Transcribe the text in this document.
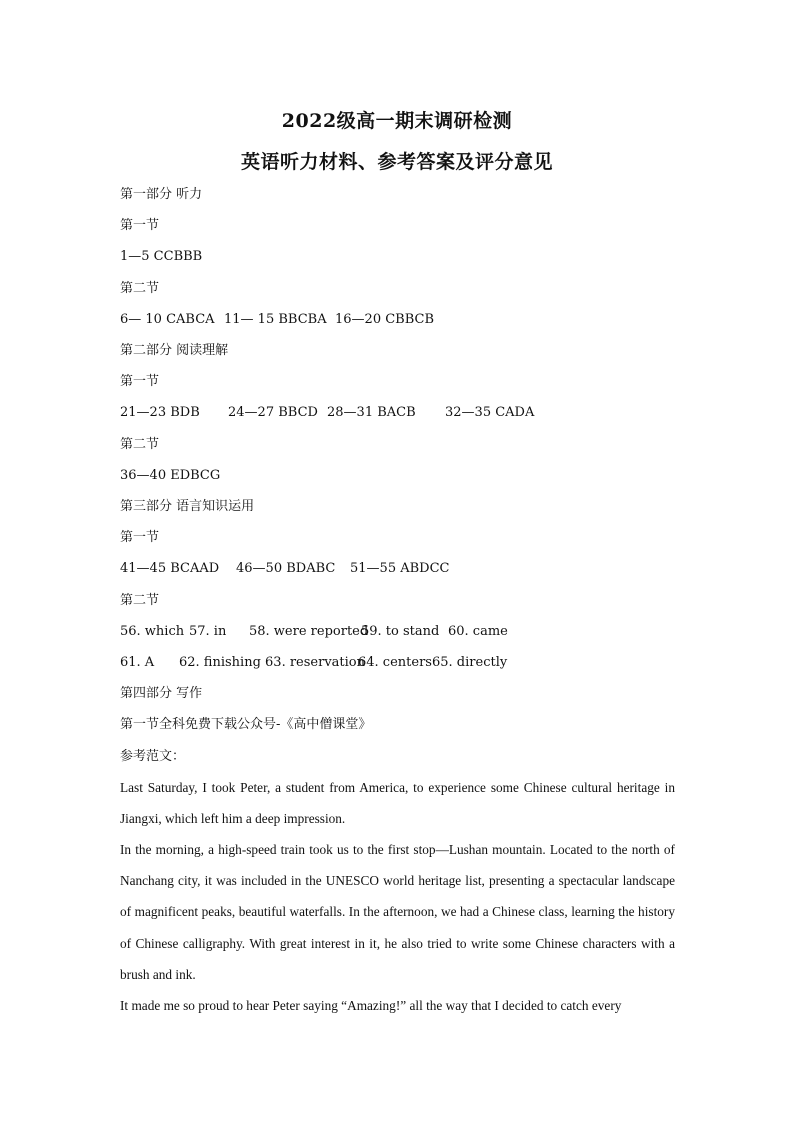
2022级高一期末调研检测
英语听力材料、参考答案及评分意见
第一部分 听力
第一节
1—5 CCBBB
第二节
6— 10 CABCA 11— 15 BBCBA 16—20 CBBCB
第二部分 阅读理解
第一节
21—23 BDB 24—27 BBCD 28—31 BACB 32—35 CADA
第二节
36—40 EDBCG
第三部分 语言知识运用
第一节
41—45 BCAAD 46—50 BDABC 51—55 ABDCC
第二节
56. which 57. in 58. were reported59. to stand 60. came
61. A 62. finishing 63. reservation64. centers65. directly
第四部分 写作
第一节全科免费下载公众号-《高中僧课堂》
参考范文：
Last Saturday, I took Peter, a student from America, to experience some Chinese cultural heritage in Jiangxi, which left him a deep impression.
In the morning, a high-speed train took us to the first stop—Lushan mountain. Located to the north of Nanchang city, it was included in the UNESCO world heritage list, presenting a spectacular landscape of magnificent peaks, beautiful waterfalls. In the afternoon, we had a Chinese class, learning the history of Chinese calligraphy. With great interest in it, he also tried to write some Chinese characters with a brush and ink.
It made me so proud to hear Peter saying “Amazing!” all the way that I decided to catch every
